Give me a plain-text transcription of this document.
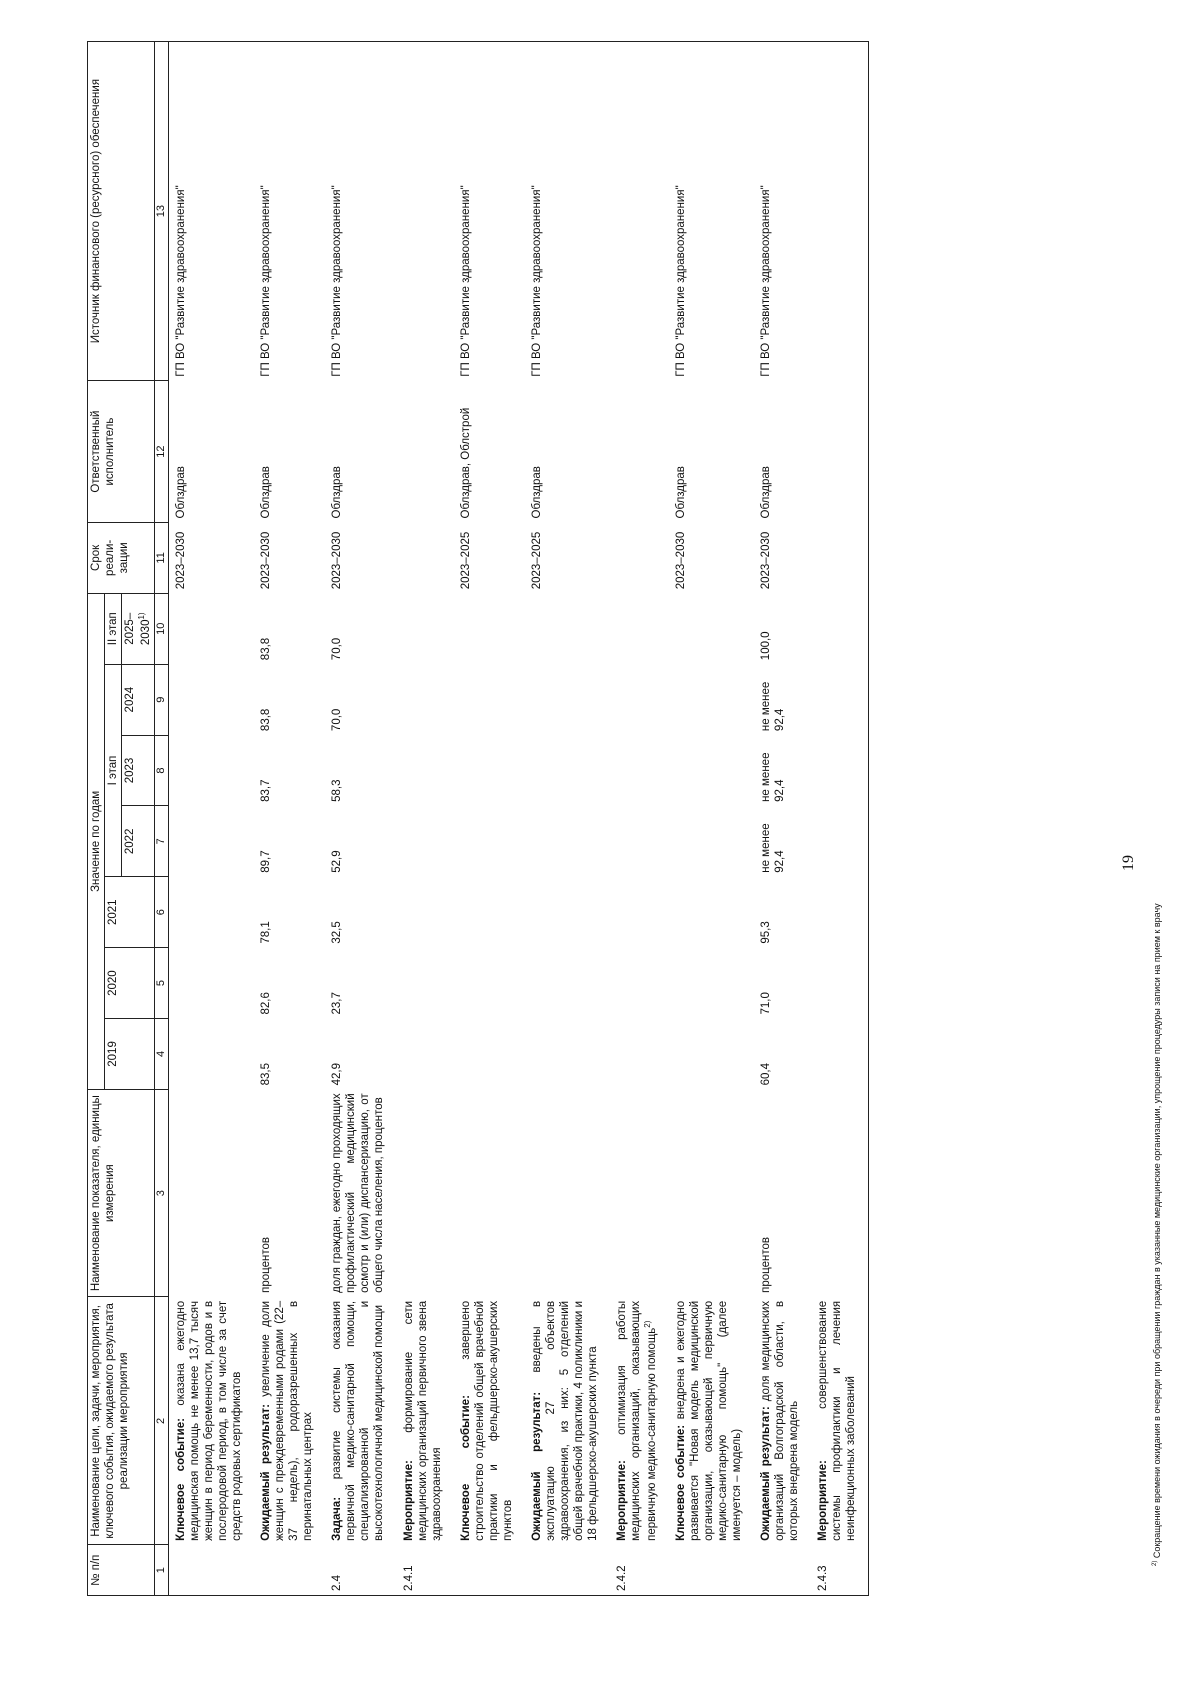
19
№ п/п	Наименование цели, задачи, мероприятия, ключевого события, ожидаемого результата реализации мероприятия	Наименование показателя, единицы измерения	Значение по годам							Срок реали-зации	Ответственный исполнитель	Источник финансового (ресурсного) обеспечения
			2019	2020	2021	I этап			II этап			
						2022	2023	2024	2025–2030$^{1)}$
1	2	3	4	5	6	7	8	9	10	11	12	13
	Ключевое событие: оказана ежегодно медицинская помощь не менее 13,7 тысяч женщин в период беременности, родов и в послеродовой период, в том числе за счет средств родовых сертификатов									2023–2030	Облздрав	ГП ВО "Развитие здравоохранения"
	Ожидаемый результат: увеличение доли женщин с преждевременными родами (22–37 недель), родоразрешенных в перинатальных центрах	процентов	83,5	82,6	78,1	89,7	83,7	83,8	83,8	2023–2030	Облздрав	ГП ВО "Развитие здравоохранения"
2.4	Задача: развитие системы оказания первичной медико-санитарной помощи, специализированной и высокотехнологичной медицинской помощи	доля граждан, ежегодно проходящих профилактический медицинский осмотр и (или) диспансеризацию, от общего числа населения, процентов	42,9	23,7	32,5	52,9	58,3	70,0	70,0	2023–2030	Облздрав	ГП ВО "Развитие здравоохранения"
2.4.1	Мероприятие: формирование сети медицинских организаций первичного звена здравоохранения											
	Ключевое событие: завершено строительство отделений общей врачебной практики и фельдшерско-акушерских пунктов									2023–2025	Облздрав, Облстрой	ГП ВО "Развитие здравоохранения"
	Ожидаемый результат: введены в эксплуатацию 27 объектов здравоохранения, из них: 5 отделений общей врачебной практики, 4 поликлиники и 18 фельдшерско-акушерских пункта									2023–2025	Облздрав	ГП ВО "Развитие здравоохранения"
2.4.2	Мероприятие: оптимизация работы медицинских организаций, оказывающих первичную медико-санитарную помощь$^{2)}$											
	Ключевое событие: внедрена и ежегодно развивается "Новая модель медицинской организации, оказывающей первичную медико-санитарную помощь" (далее именуется – модель)									2023–2030	Облздрав	ГП ВО "Развитие здравоохранения"
	Ожидаемый результат: доля медицинских организаций Волгоградской области, в которых внедрена модель	процентов	60,4	71,0	95,3	не менее 92,4	не менее 92,4	не менее 92,4	100,0	2023–2030	Облздрав	ГП ВО "Развитие здравоохранения"
2.4.3	Мероприятие: совершенствование системы профилактики и лечения неинфекционных заболеваний											
$^{2)}$ Сокращение времени ожидания в очереди при обращении граждан в указанные медицинские организации, упрощение процедуры записи на прием к врачу
